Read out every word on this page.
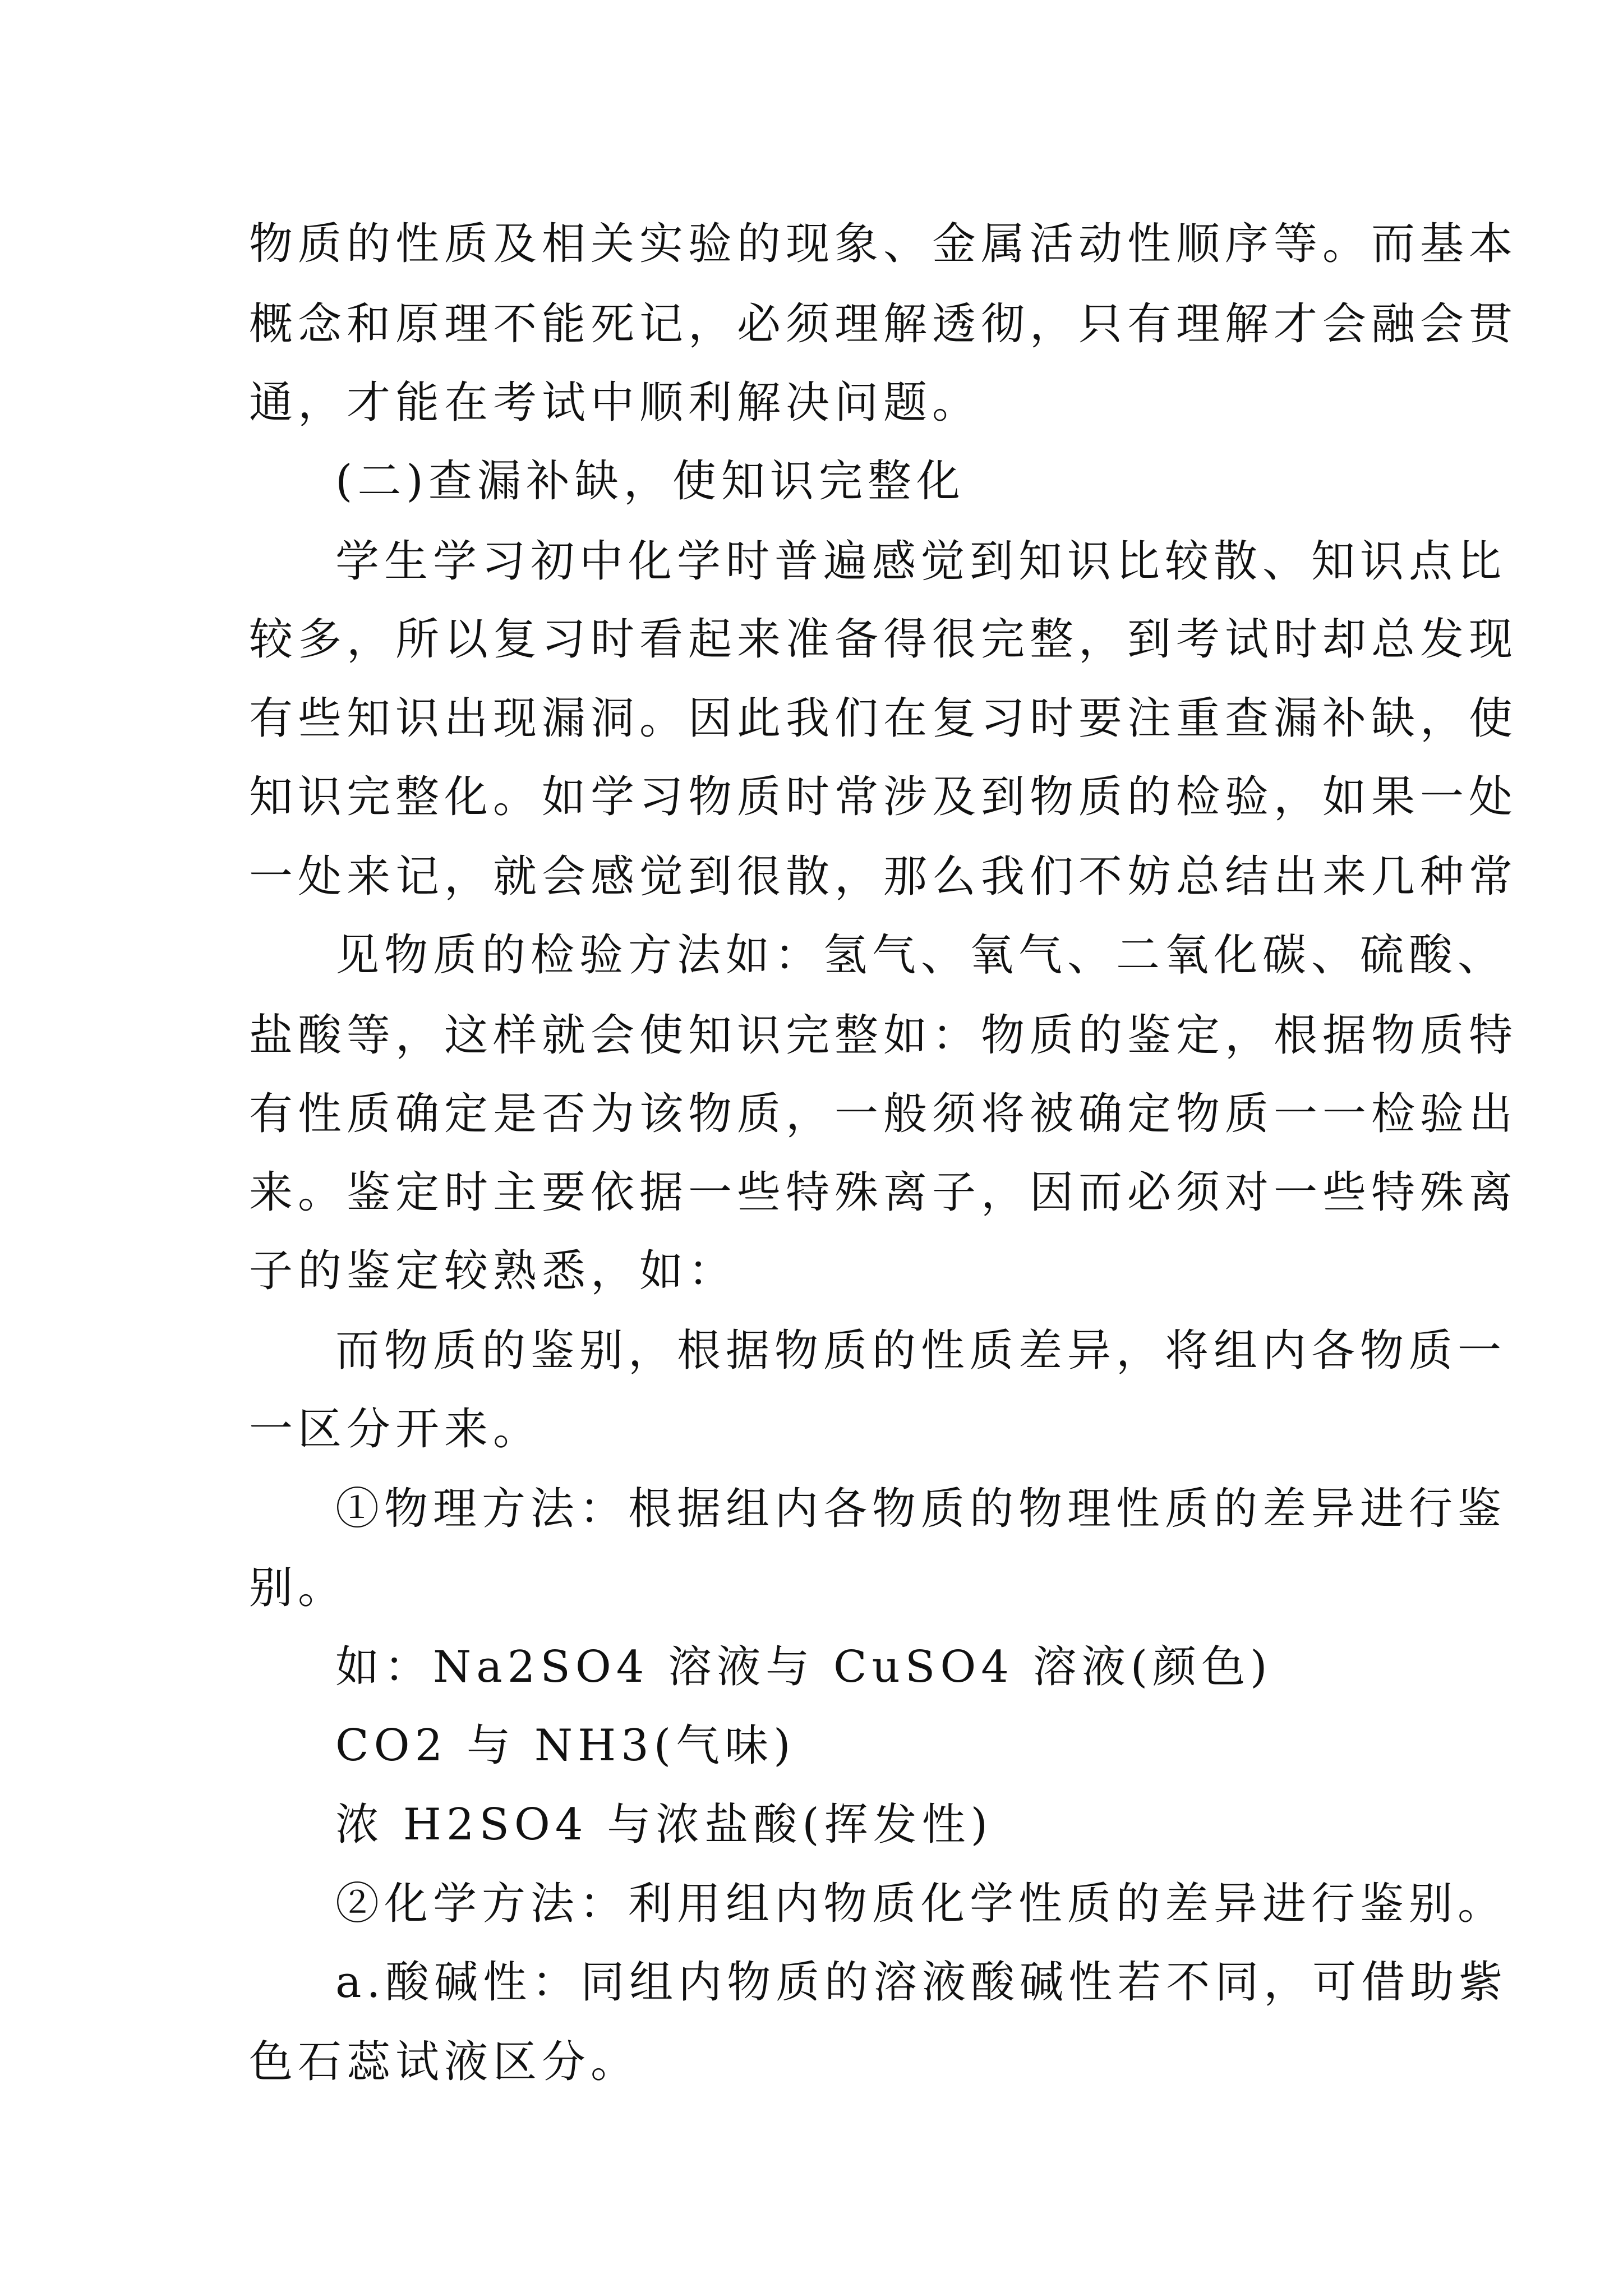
物质的性质及相关实验的现象、金属活动性顺序等。而基本
概念和原理不能死记，必须理解透彻，只有理解才会融会贯
通，才能在考试中顺利解决问题。
(二)查漏补缺，使知识完整化
学生学习初中化学时普遍感觉到知识比较散、知识点比
较多，所以复习时看起来准备得很完整，到考试时却总发现
有些知识出现漏洞。因此我们在复习时要注重查漏补缺，使
知识完整化。如学习物质时常涉及到物质的检验，如果一处
一处来记，就会感觉到很散，那么我们不妨总结出来几种常
见物质的检验方法如：氢气、氧气、二氧化碳、硫酸、
盐酸等，这样就会使知识完整如：物质的鉴定，根据物质特
有性质确定是否为该物质，一般须将被确定物质一一检验出
来。鉴定时主要依据一些特殊离子，因而必须对一些特殊离
子的鉴定较熟悉，如：
而物质的鉴别，根据物质的性质差异，将组内各物质一
一区分开来。
①物理方法：根据组内各物质的物理性质的差异进行鉴
别。
如：Na2SO4 溶液与 CuSO4 溶液(颜色)
CO2 与 NH3(气味)
浓 H2SO4 与浓盐酸(挥发性)
②化学方法：利用组内物质化学性质的差异进行鉴别。
a.酸碱性：同组内物质的溶液酸碱性若不同，可借助紫
色石蕊试液区分。
